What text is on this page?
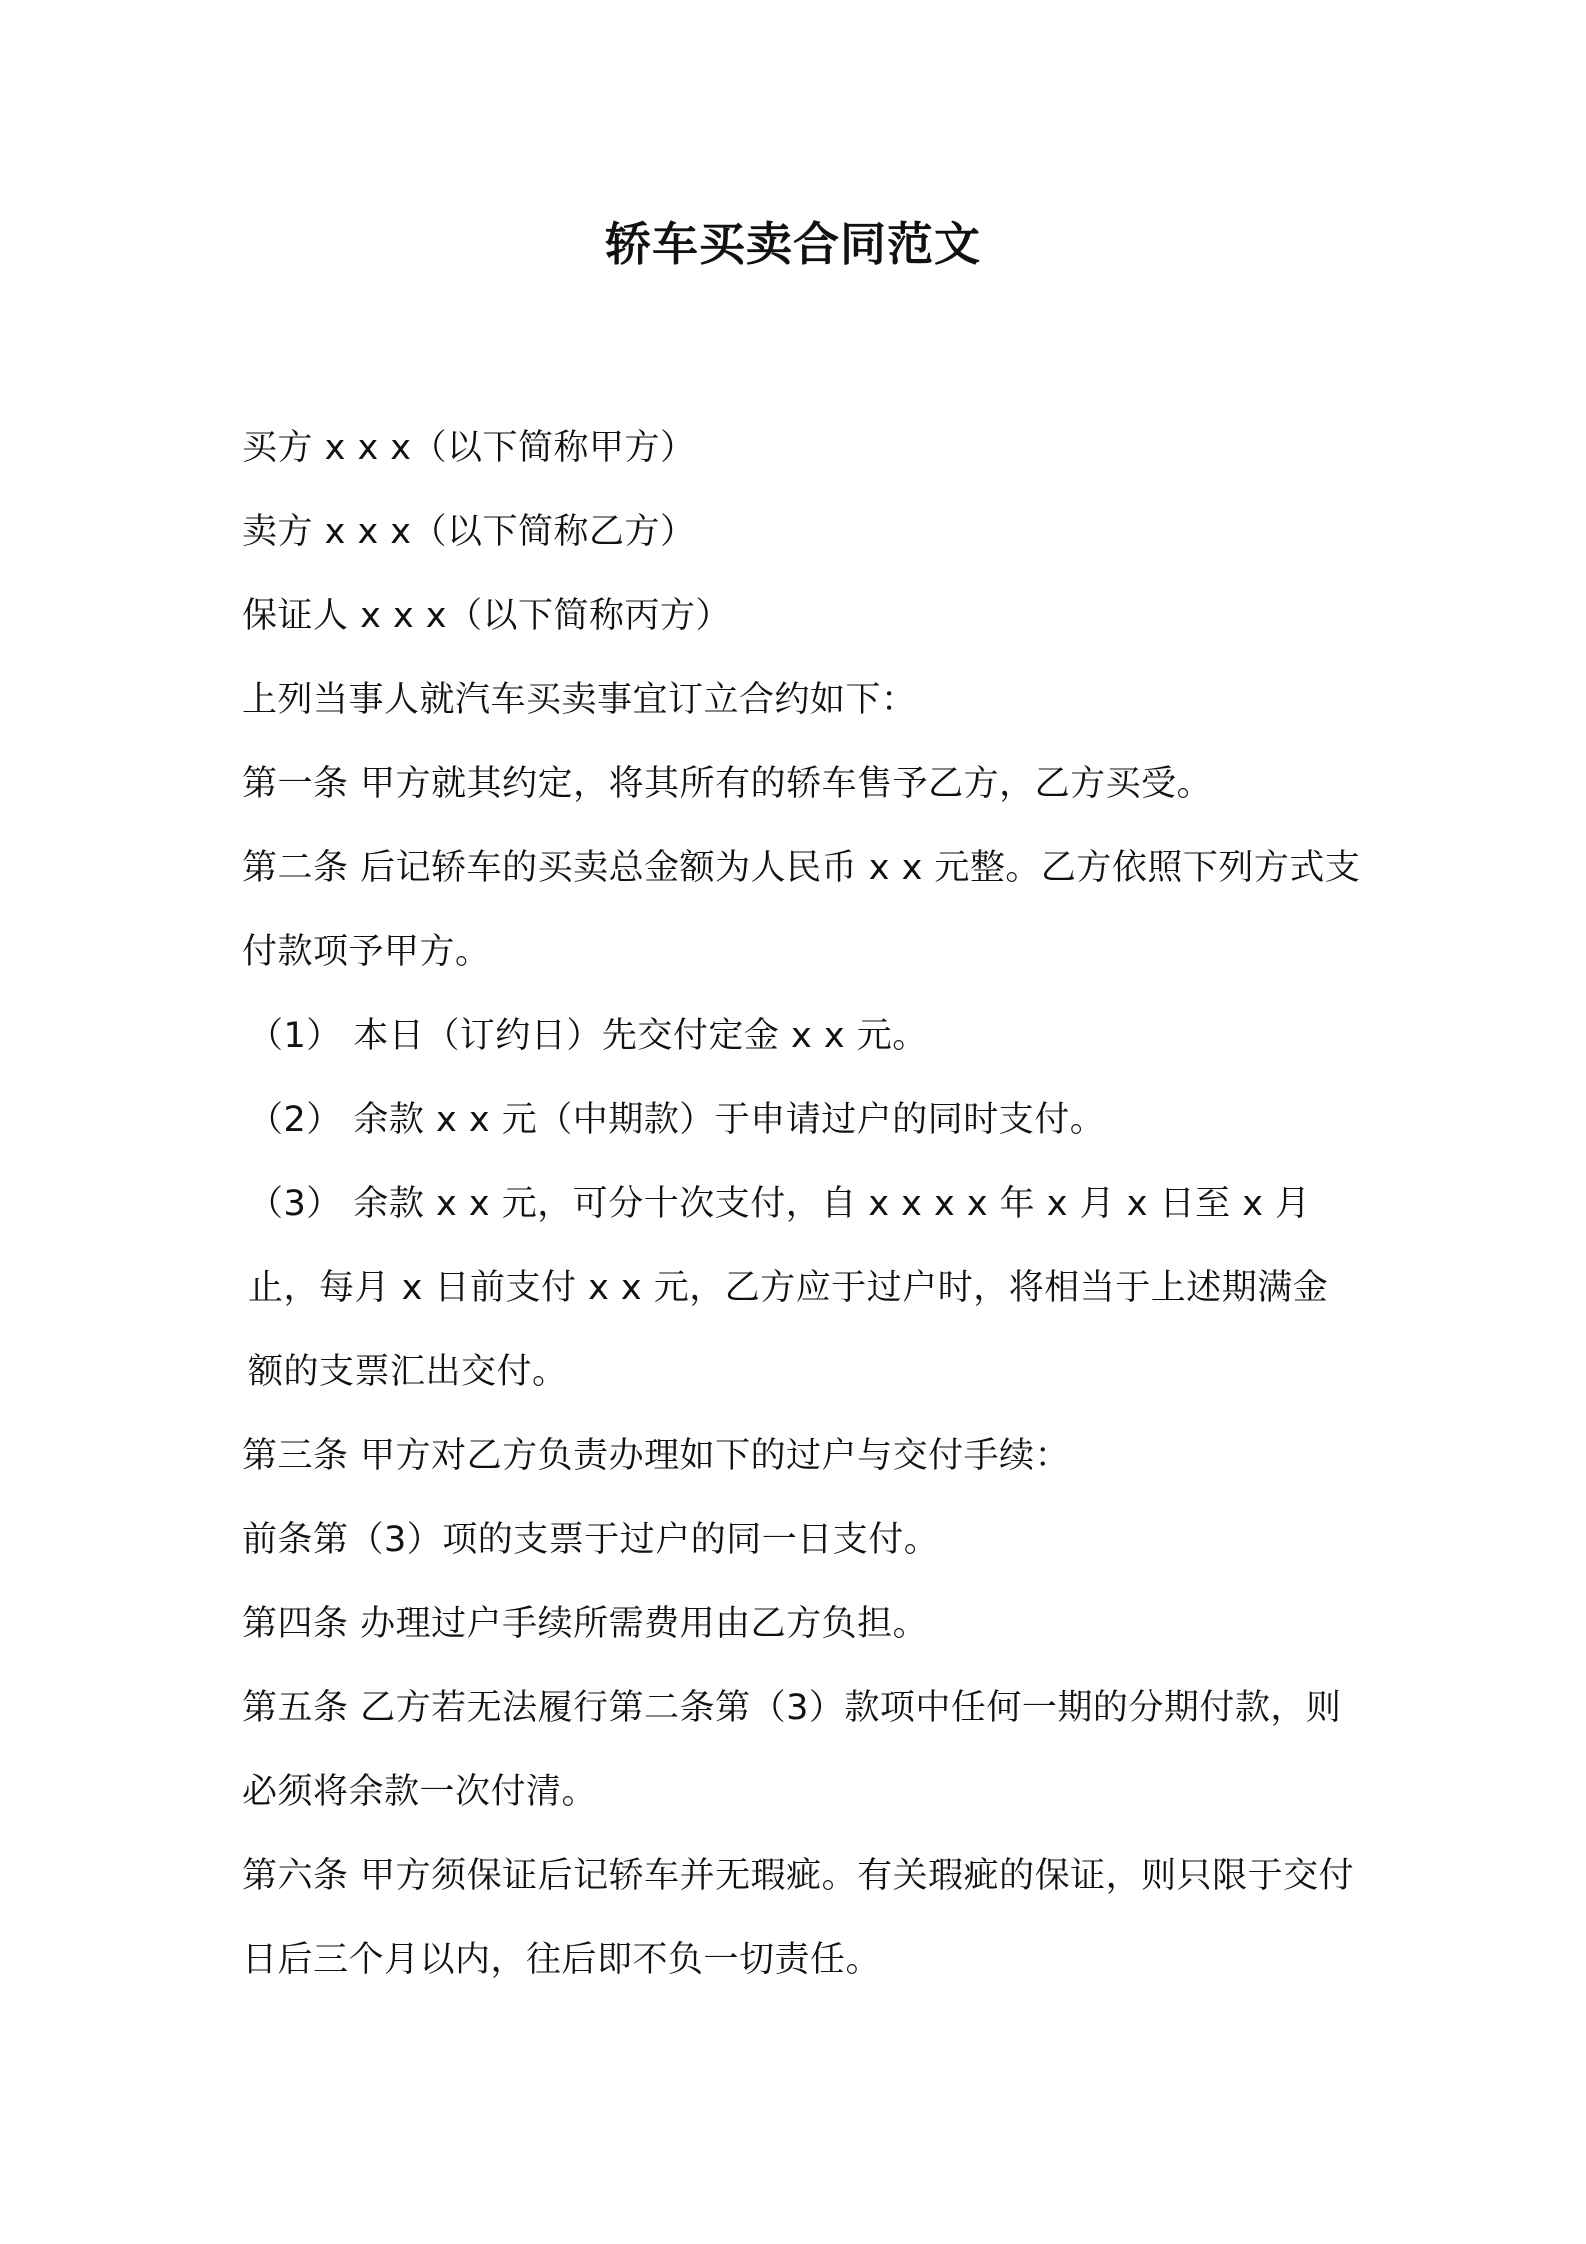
轿车买卖合同范文

买方 x x x（以下简称甲方）

卖方 x x x（以下简称乙方）

保证人 x x x（以下简称丙方）

上列当事人就汽车买卖事宜订立合约如下：

第一条 甲方就其约定，将其所有的轿车售予乙方，乙方买受。

第二条 后记轿车的买卖总金额为人民币 x x 元整。乙方依照下列方式支付款项予甲方。

（1） 本日（订约日）先交付定金 x x 元。

（2） 余款 x x 元（中期款）于申请过户的同时支付。

（3） 余款 x x 元，可分十次支付，自 x x x x 年 x 月 x 日至 x 月止，每月 x 日前支付 x x 元，乙方应于过户时，将相当于上述期满金额的支票汇出交付。

第三条 甲方对乙方负责办理如下的过户与交付手续：

前条第（3）项的支票于过户的同一日支付。

第四条 办理过户手续所需费用由乙方负担。

第五条 乙方若无法履行第二条第（3）款项中任何一期的分期付款，则必须将余款一次付清。

第六条 甲方须保证后记轿车并无瑕疵。有关瑕疵的保证，则只限于交付日后三个月以内，往后即不负一切责任。
